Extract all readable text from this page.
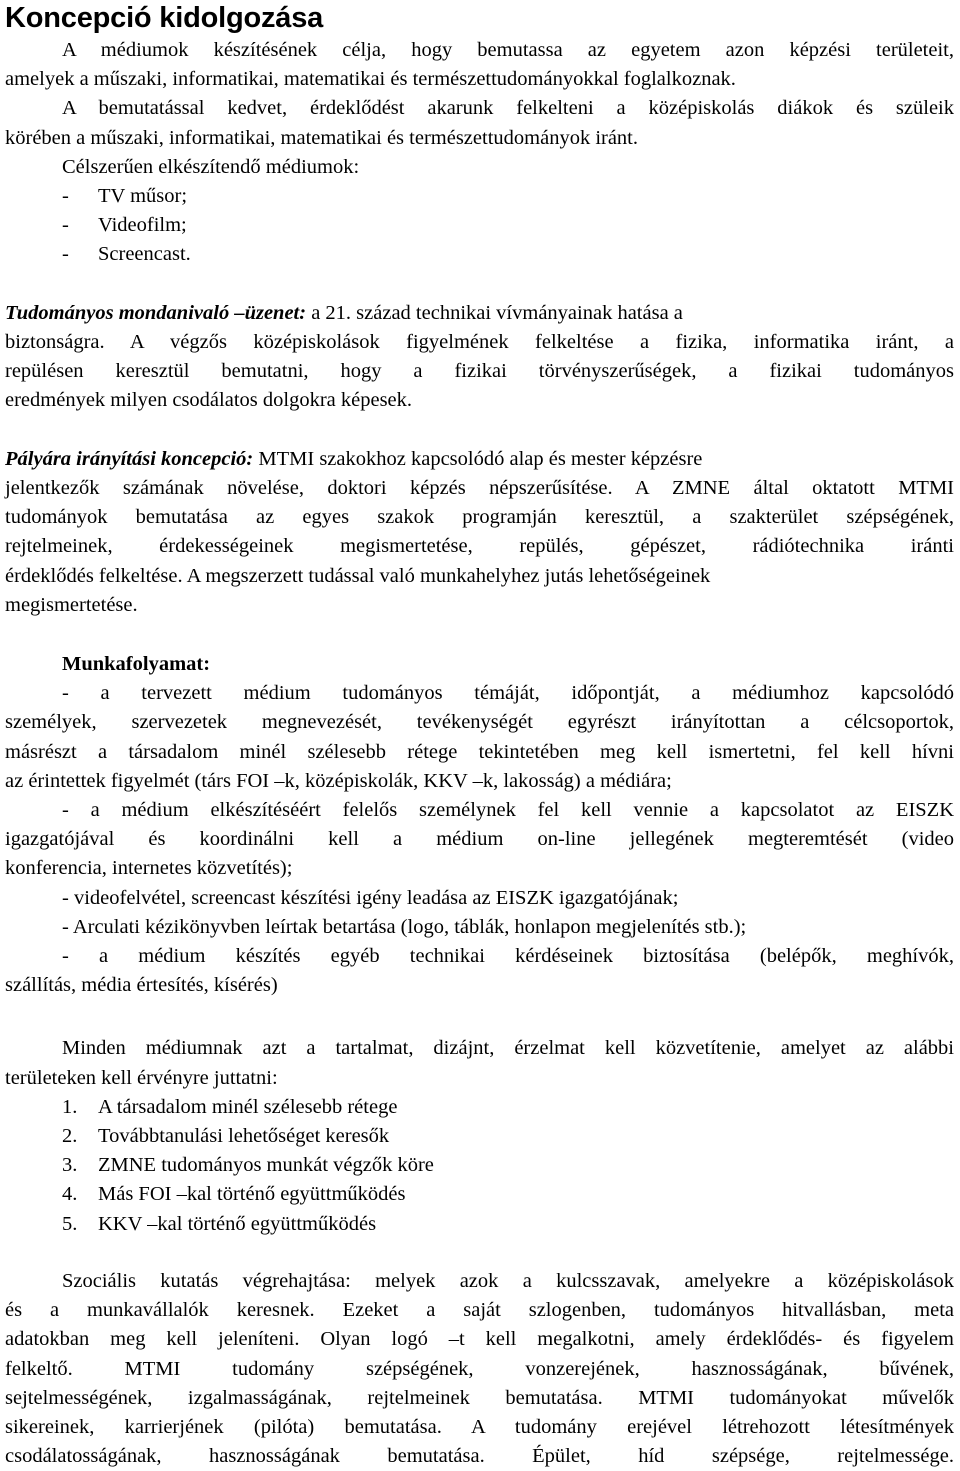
Koncepció kidolgozása

A médiumok készítésének célja, hogy bemutassa az egyetem azon képzési területeit,

amelyek a műszaki, informatikai, matematikai és természettudományokkal foglalkoznak.

A bemutatással kedvet, érdeklődést akarunk felkelteni a középiskolás diákok és szüleik

körében a műszaki, informatikai, matematikai és természettudományok iránt.

Célszerűen elkészítendő médiumok:

- TV műsor;

- Videofilm;

- Screencast.

Tudományos mondanivaló –üzenet: a 21. század technikai vívmányainak hatása a

biztonságra. A végzős középiskolások figyelmének felkeltése a fizika, informatika iránt, a

repülésen keresztül bemutatni, hogy a fizikai törvényszerűségek, a fizikai tudományos

eredmények milyen csodálatos dolgokra képesek.

Pályára irányítási koncepció: MTMI szakokhoz kapcsolódó alap és mester képzésre

jelentkezők számának növelése, doktori képzés népszerűsítése. A ZMNE által oktatott MTMI

tudományok bemutatása az egyes szakok programján keresztül, a szakterület szépségének,

rejtelmeinek, érdekességeinek megismertetése, repülés, gépészet, rádiótechnika iránti

érdeklődés felkeltése. A megszerzett tudással való munkahelyhez jutás lehetőségeinek

megismertetése.

Munkafolyamat:

- a tervezett médium tudományos témáját, időpontját, a médiumhoz kapcsolódó

személyek, szervezetek megnevezését, tevékenységét egyrészt irányítottan a célcsoportok,

másrészt a társadalom minél szélesebb rétege tekintetében meg kell ismertetni, fel kell hívni

az érintettek figyelmét (társ FOI –k, középiskolák, KKV –k, lakosság) a médiára;

- a médium elkészítéséért felelős személynek fel kell vennie a kapcsolatot az EISZK

igazgatójával és koordinálni kell a médium on-line jellegének megteremtését (video

konferencia, internetes közvetítés);

- videofelvétel, screencast készítési igény leadása az EISZK igazgatójának;

- Arculati kézikönyvben leírtak betartása (logo, táblák, honlapon megjelenítés stb.);

- a médium készítés egyéb technikai kérdéseinek biztosítása (belépők, meghívók,

szállítás, média értesítés, kísérés)

Minden médiumnak azt a tartalmat, dizájnt, érzelmat kell közvetítenie, amelyet az alábbi

területeken kell érvényre juttatni:

1. A társadalom minél szélesebb rétege

2. Továbbtanulási lehetőséget keresők

3. ZMNE tudományos munkát végzők köre

4. Más FOI –kal történő együttműködés

5. KKV –kal történő együttműködés

Szociális kutatás végrehajtása: melyek azok a kulcsszavak, amelyekre a középiskolások

és a munkavállalók keresnek. Ezeket a saját szlogenben, tudományos hitvallásban, meta

adatokban meg kell jeleníteni. Olyan logó –t kell megalkotni, amely érdeklődés- és figyelem

felkeltő. MTMI tudomány szépségének, vonzerejének, hasznosságának, bűvének,

sejtelmességének, izgalmasságának, rejtelmeinek bemutatása. MTMI tudományokat művelők

sikereinek, karrierjének (pilóta) bemutatása. A tudomány erejével létrehozott létesítmények

csodálatosságának, hasznosságának bemutatása. Épület, híd szépsége, rejtelmessége.
